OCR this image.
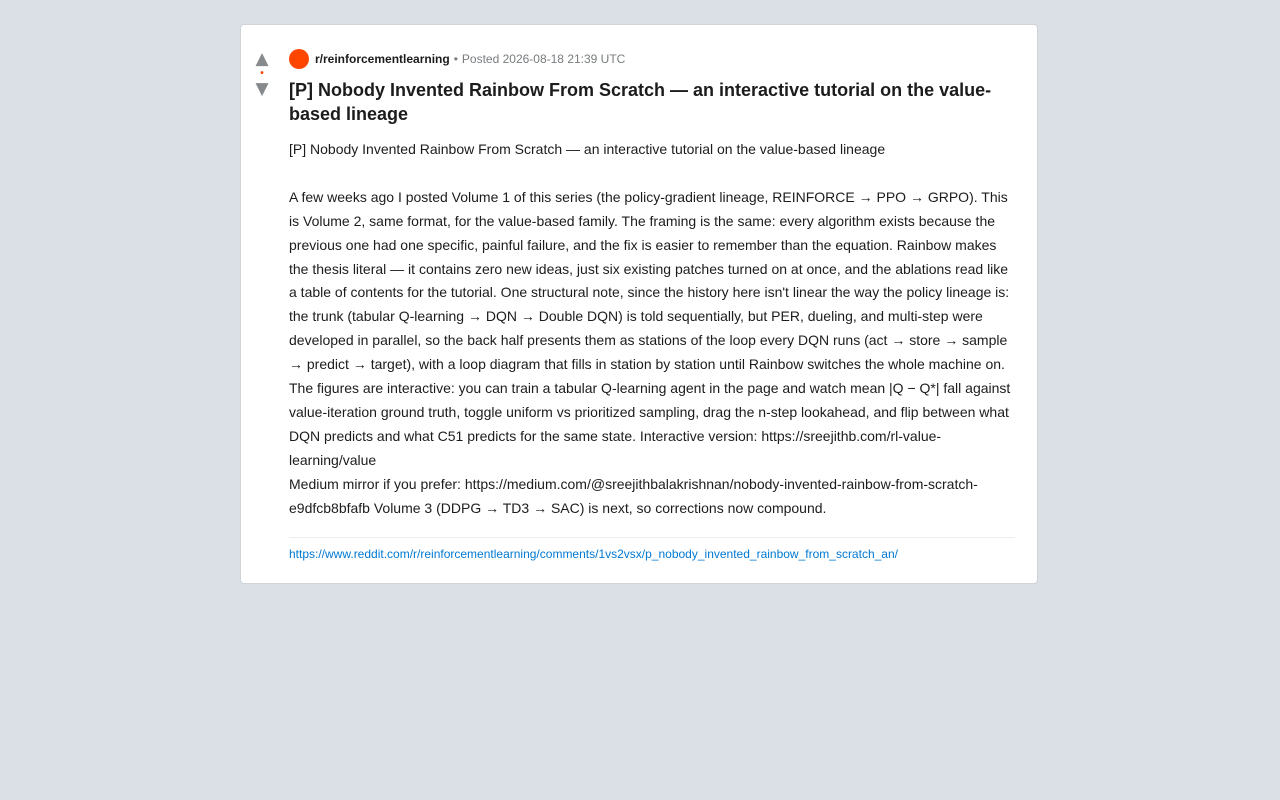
▲
•
▼
r/reinforcementlearning • Posted 2026-08-18 21:39 UTC
[P] Nobody Invented Rainbow From Scratch — an interactive tutorial on the value-based lineage
[P] Nobody Invented Rainbow From Scratch — an interactive tutorial on the value-based lineage

A few weeks ago I posted Volume 1 of this series (the policy-gradient lineage, REINFORCE → PPO → GRPO). This is Volume 2, same format, for the value-based family. The framing is the same: every algorithm exists because the previous one had one specific, painful failure, and the fix is easier to remember than the equation. Rainbow makes the thesis literal — it contains zero new ideas, just six existing patches turned on at once, and the ablations read like a table of contents for the tutorial. One structural note, since the history here isn't linear the way the policy lineage is: the trunk (tabular Q-learning → DQN → Double DQN) is told sequentially, but PER, dueling, and multi-step were developed in parallel, so the back half presents them as stations of the loop every DQN runs (act → store → sample → predict → target), with a loop diagram that fills in station by station until Rainbow switches the whole machine on. The figures are interactive: you can train a tabular Q-learning agent in the page and watch mean |Q − Q*| fall against value-iteration ground truth, toggle uniform vs prioritized sampling, drag the n-step lookahead, and flip between what DQN predicts and what C51 predicts for the same state. Interactive version: https://sreejithb.com/rl-value-learning/value
Medium mirror if you prefer: https://medium.com/@sreejithbalakrishnan/nobody-invented-rainbow-from-scratch-e9dfcb8bfafb Volume 3 (DDPG → TD3 → SAC) is next, so corrections now compound.
https://www.reddit.com/r/reinforcementlearning/comments/1vs2vsx/p_nobody_invented_rainbow_from_scratch_an/
